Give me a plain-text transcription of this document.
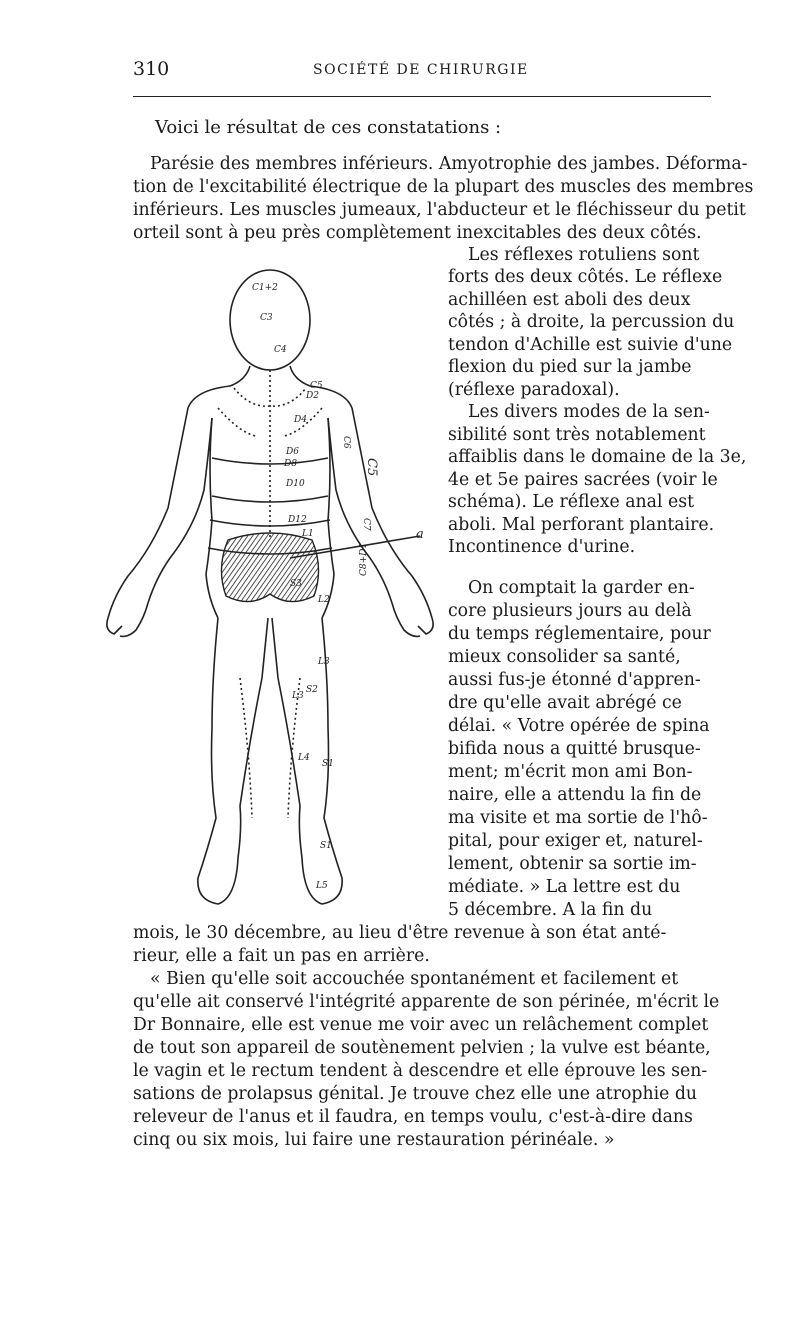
310	SOCIÉTÉ DE CHIRURGIE
Voici le résultat de ces constatations :
Parésie des membres inférieurs. Amyotrophie des jambes. Déforma-
tion de l'excitabilité électrique de la plupart des muscles des membres
inférieurs. Les muscles jumeaux, l'abducteur et le fléchisseur du petit
orteil sont à peu près complètement inexcitables des deux côtés.
Les réflexes rotuliens sont
forts des deux côtés. Le réflexe
achilléen est aboli des deux
côtés ; à droite, la percussion du
tendon d'Achille est suivie d'une
flexion du pied sur la jambe
(réflexe paradoxal).
Les divers modes de la sen-
sibilité sont très notablement
affaiblis dans le domaine de la 3e,
4e et 5e paires sacrées (voir le
schéma). Le réflexe anal est
aboli. Mal perforant plantaire.
Incontinence d'urine.
On comptait la garder en-
core plusieurs jours au delà
du temps réglementaire, pour
mieux consolider sa santé,
aussi fus-je étonné d'appren-
dre qu'elle avait abrégé ce
délai. « Votre opérée de spina
bifida nous a quitté brusque-
ment; m'écrit mon ami Bon-
naire, elle a attendu la fin de
ma visite et ma sortie de l'hô-
pital, pour exiger et, naturel-
lement, obtenir sa sortie im-
médiate. » La lettre est du
5 décembre. A la fin du
mois, le 30 décembre, au lieu d'être revenue à son état anté-
rieur, elle a fait un pas en arrière.
« Bien qu'elle soit accouchée spontanément et facilement et
qu'elle ait conservé l'intégrité apparente de son périnée, m'écrit le
Dr Bonnaire, elle est venue me voir avec un relâchement complet
de tout son appareil de soutènement pelvien ; la vulve est béante,
le vagin et le rectum tendent à descendre et elle éprouve les sen-
sations de prolapsus génital. Je trouve chez elle une atrophie du
releveur de l'anus et il faudra, en temps voulu, c'est-à-dire dans
cinq ou six mois, lui faire une restauration périnéale. »
C1+2
C3
C4
C5
C5
C6
C7
C8+D1
D2
D4
D6
D8
D10
D12
L1
L2
L3
L3
L4
L5
S1
S1
S2
S3
a
